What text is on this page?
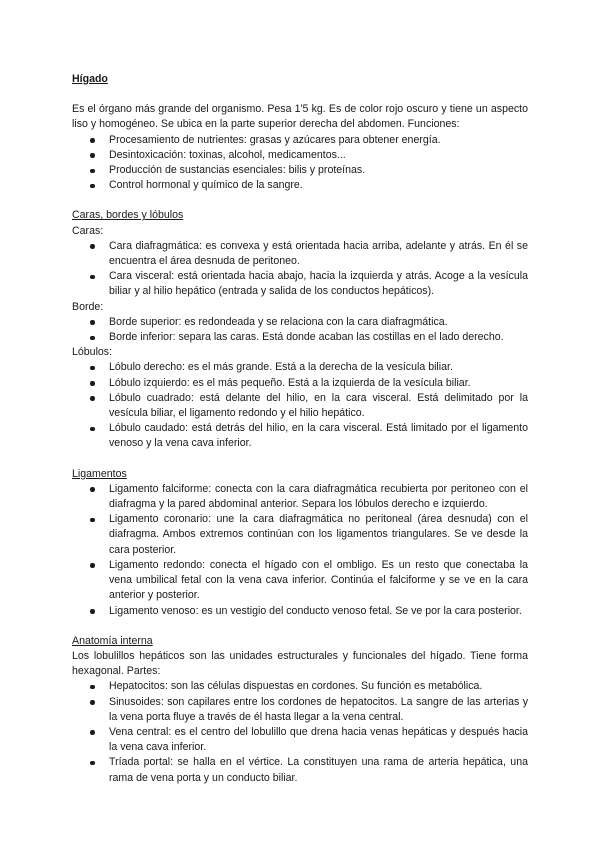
Hígado

Es el órgano más grande del organismo. Pesa 1'5 kg. Es de color rojo oscuro y tiene un aspecto liso y homogéneo. Se ubica en la parte superior derecha del abdomen. Funciones:

Procesamiento de nutrientes: grasas y azúcares para obtener energía.
Desintoxicación: toxinas, alcohol, medicamentos...
Producción de sustancias esenciales: bilis y proteínas.
Control hormonal y químico de la sangre.
Caras, bordes y lóbulos
Caras:
Cara diafragmática: es convexa y está orientada hacia arriba, adelante y atrás. En él se encuentra el área desnuda de peritoneo.
Cara visceral: está orientada hacia abajo, hacia la izquierda y atrás. Acoge a la vesícula biliar y al hilio hepático (entrada y salida de los conductos hepáticos).
Borde:
Borde superior: es redondeada y se relaciona con la cara diafragmática.
Borde inferior: separa las caras. Está donde acaban las costillas en el lado derecho.
Lóbulos:
Lóbulo derecho: es el más grande. Está a la derecha de la vesícula biliar.
Lóbulo izquierdo: es el más pequeño. Está a la izquierda de la vesícula biliar.
Lóbulo cuadrado: está delante del hilio, en la cara visceral. Está delimitado por la vesícula biliar, el ligamento redondo y el hilio hepático.
Lóbulo caudado: está detrás del hilio, en la cara visceral. Está limitado por el ligamento venoso y la vena cava inferior.
Ligamentos
Ligamento falciforme: conecta con la cara diafragmática recubierta por peritoneo con el diafragma y la pared abdominal anterior. Separa los lóbulos derecho e izquierdo.
Ligamento coronario: une la cara diafragmática no peritoneal (área desnuda) con el diafragma. Ambos extremos continúan con los ligamentos triangulares. Se ve desde la cara posterior.
Ligamento redondo: conecta el hígado con el ombligo. Es un resto que conectaba la vena umbilical fetal con la vena cava inferior. Continúa el falciforme y se ve en la cara anterior y posterior.
Ligamento venoso: es un vestigio del conducto venoso fetal. Se ve por la cara posterior.
Anatomía interna

Los lobulillos hepáticos son las unidades estructurales y funcionales del hígado. Tiene forma hexagonal. Partes:

Hepatocitos: son las células dispuestas en cordones. Su función es metabólica.
Sinusoides: son capilares entre los cordones de hepatocitos. La sangre de las arterias y la vena porta fluye a través de él hasta llegar a la vena central.
Vena central: es el centro del lobulillo que drena hacia venas hepáticas y después hacia la vena cava inferior.
Tríada portal: se halla en el vértice. La constituyen una rama de arteria hepática, una rama de vena porta y un conducto biliar.
